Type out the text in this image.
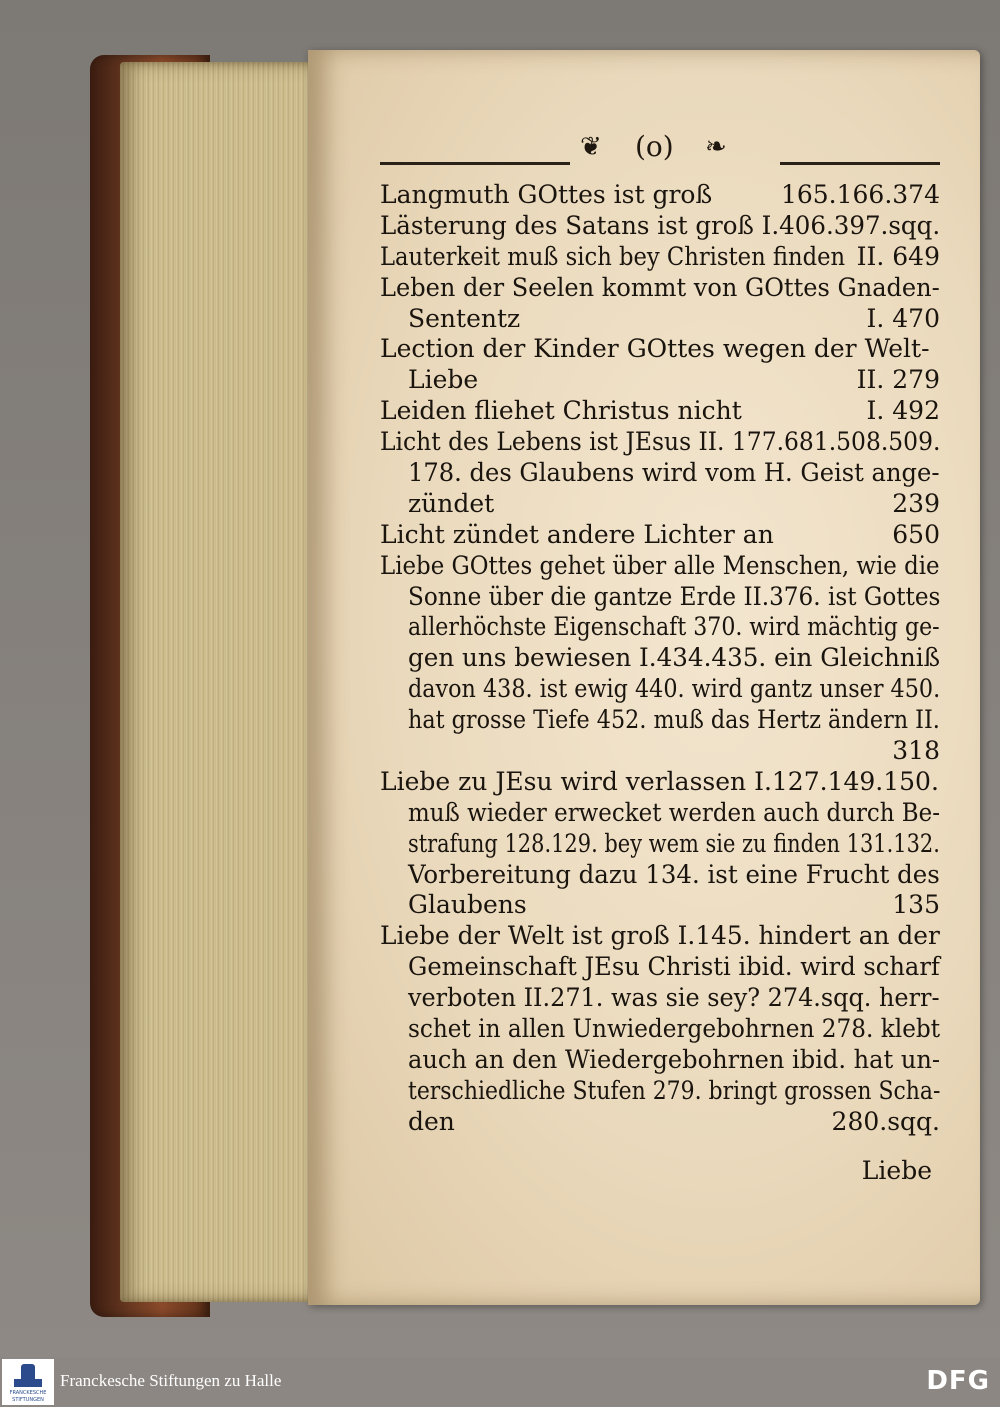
❦ (o) ❧
Langmuth GOttes ist groß	165.166.374
Lästerung des Satans ist groß I.406.397.sqq.
Lauterkeit muß sich bey Christen finden II. 649
Leben der Seelen kommt von GOttes Gnaden-
Sententz	I. 470
Lection der Kinder GOttes wegen der Welt-
Liebe	II. 279
Leiden fliehet Christus nicht	I. 492
Licht des Lebens ist JEsus II. 177.681.508.509.
178. des Glaubens wird vom H. Geist ange-
zündet	239
Licht zündet andere Lichter an	650
Liebe GOttes gehet über alle Menschen, wie die
Sonne über die gantze Erde II.376. ist Gottes
allerhöchste Eigenschaft 370. wird mächtig ge-
gen uns bewiesen I.434.435. ein Gleichniß
davon 438. ist ewig 440. wird gantz unser 450.
hat grosse Tiefe 452. muß das Hertz ändern II.
318
Liebe zu JEsu wird verlassen I.127.149.150.
muß wieder erwecket werden auch durch Be-
strafung 128.129. bey wem sie zu finden 131.132.
Vorbereitung dazu 134. ist eine Frucht des
Glaubens	135
Liebe der Welt ist groß I.145. hindert an der
Gemeinschaft JEsu Christi ibid. wird scharf
verboten II.271. was sie sey? 274.sqq. herr-
schet in allen Unwiedergebohrnen 278. klebt
auch an den Wiedergebohrnen ibid. hat un-
terschiedliche Stufen 279. bringt grossen Scha-
den	280.sqq.
Liebe
FRANCKESCHE
STIFTUNGEN
Franckesche Stiftungen zu Halle	DFG
